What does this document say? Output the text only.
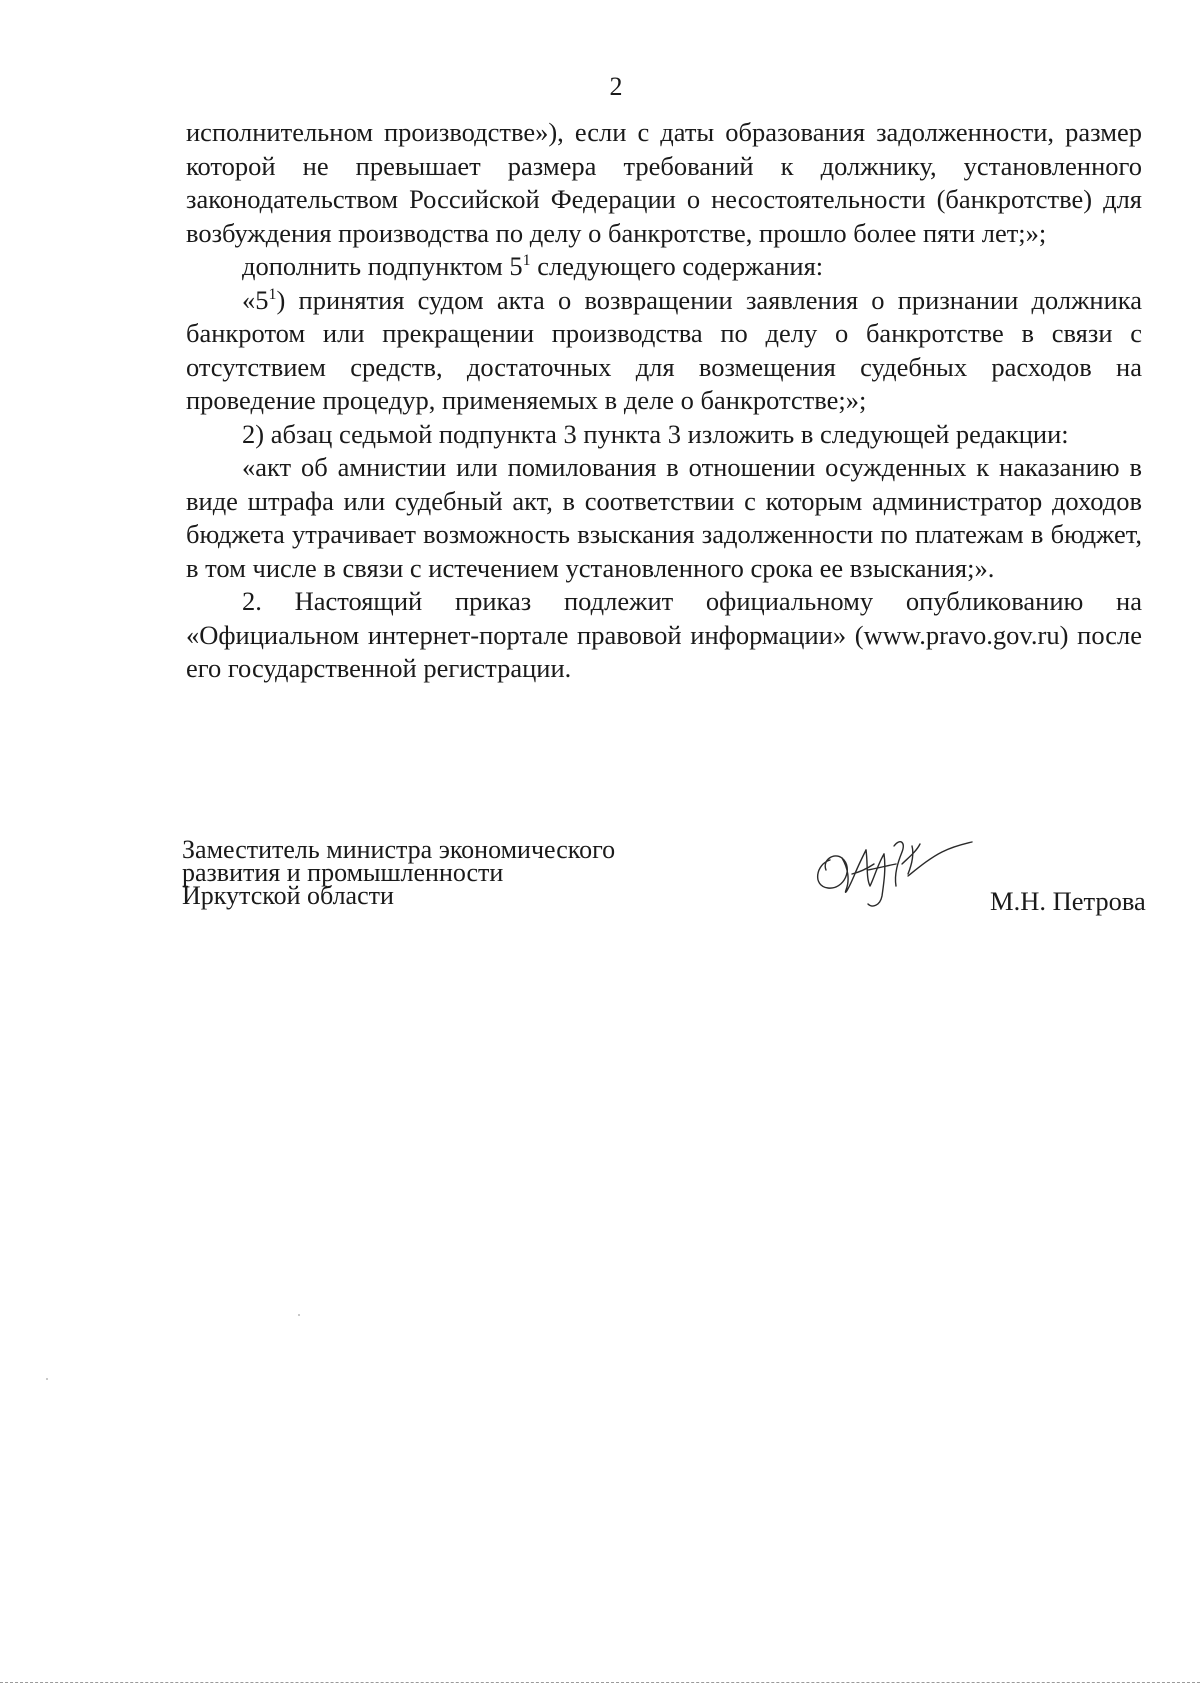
2

исполнительном производстве»), если с даты образования задолженности, размер которой не превышает размера требований к должнику, установленного законодательством Российской Федерации о несостоятельности (банкротстве) для возбуждения производства по делу о банкротстве, прошло более пяти лет;»;

дополнить подпунктом $5^1$ следующего содержания:

«$5^1$) принятия судом акта о возвращении заявления о признании должника банкротом или прекращении производства по делу о банкротстве в связи с отсутствием средств, достаточных для возмещения судебных расходов на проведение процедур, применяемых в деле о банкротстве;»;

2) абзац седьмой подпункта 3 пункта 3 изложить в следующей редакции:

«акт об амнистии или помилования в отношении осужденных к наказанию в виде штрафа или судебный акт, в соответствии с которым администратор доходов бюджета утрачивает возможность взыскания задолженности по платежам в бюджет, в том числе в связи с истечением установленного срока ее взыскания;».

2. Настоящий приказ подлежит официальному опубликованию на «Официальном интернет-портале правовой информации» (www.pravo.gov.ru) после его государственной регистрации.

Заместитель министра экономического
развития и промышленности
Иркутской области	М.Н. Петрова
